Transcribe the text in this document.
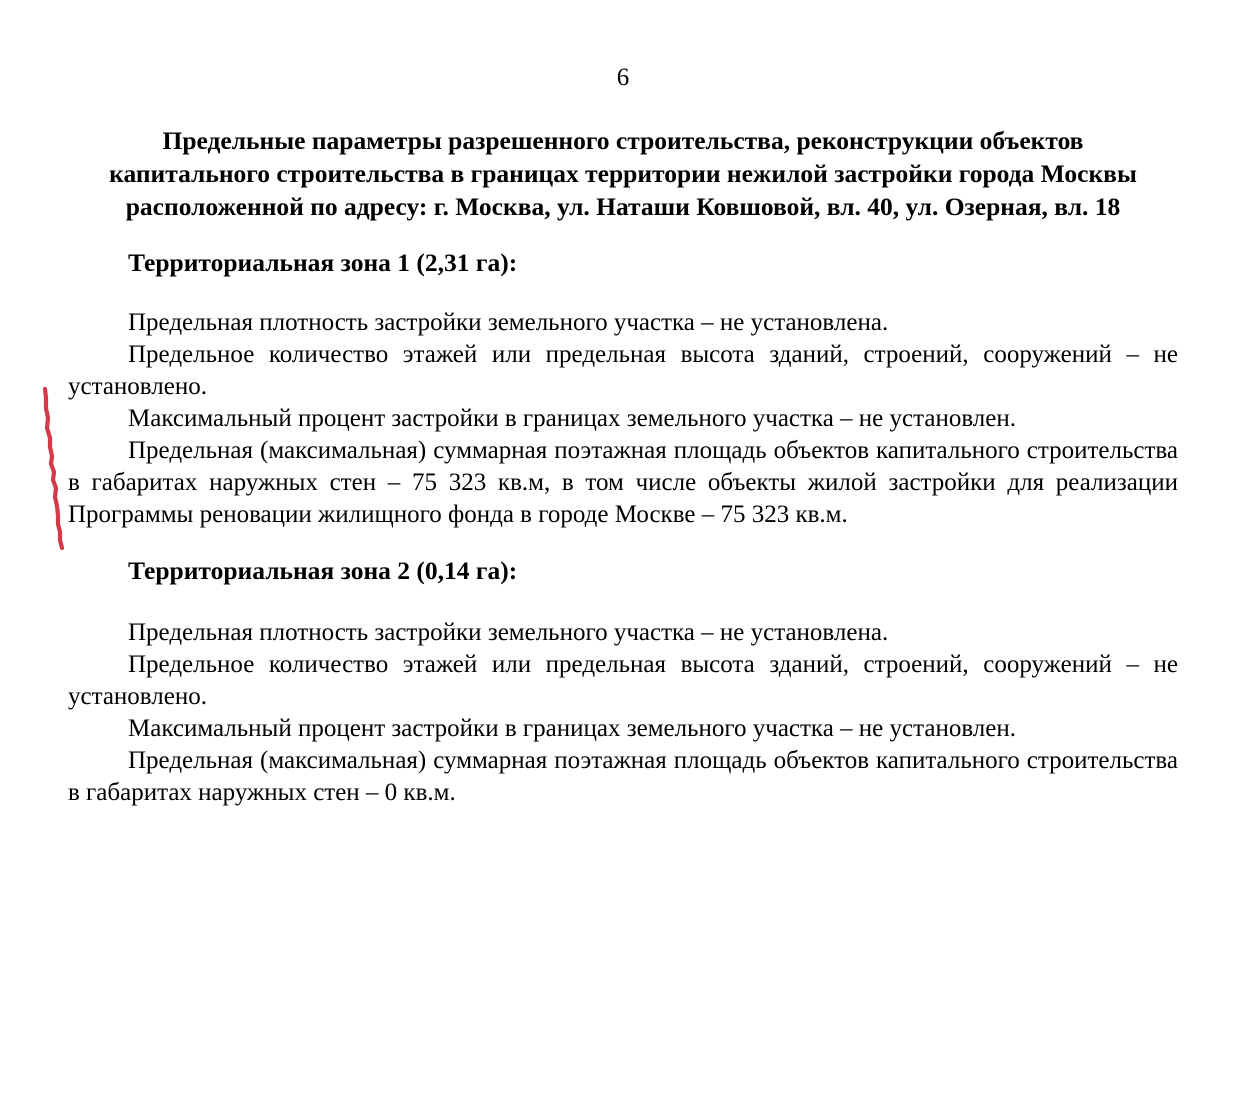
6
Предельные параметры разрешенного строительства, реконструкции объектов
капитального строительства в границах территории нежилой застройки города Москвы
расположенной по адресу: г. Москва, ул. Наташи Ковшовой, вл. 40, ул. Озерная, вл. 18
Территориальная зона 1 (2,31 га):

Предельная плотность застройки земельного участка – не установлена.

Предельное количество этажей или предельная высота зданий, строений, сооружений – не установлено.

Максимальный процент застройки в границах земельного участка – не установлен.

Предельная (максимальная) суммарная поэтажная площадь объектов капитального строительства в габаритах наружных стен – 75 323 кв.м, в том числе объекты жилой застройки для реализации Программы реновации жилищного фонда в городе Москве – 75 323 кв.м.

Территориальная зона 2 (0,14 га):

Предельная плотность застройки земельного участка – не установлена.

Предельное количество этажей или предельная высота зданий, строений, сооружений – не установлено.

Максимальный процент застройки в границах земельного участка – не установлен.

Предельная (максимальная) суммарная поэтажная площадь объектов капитального строительства в габаритах наружных стен – 0 кв.м.
